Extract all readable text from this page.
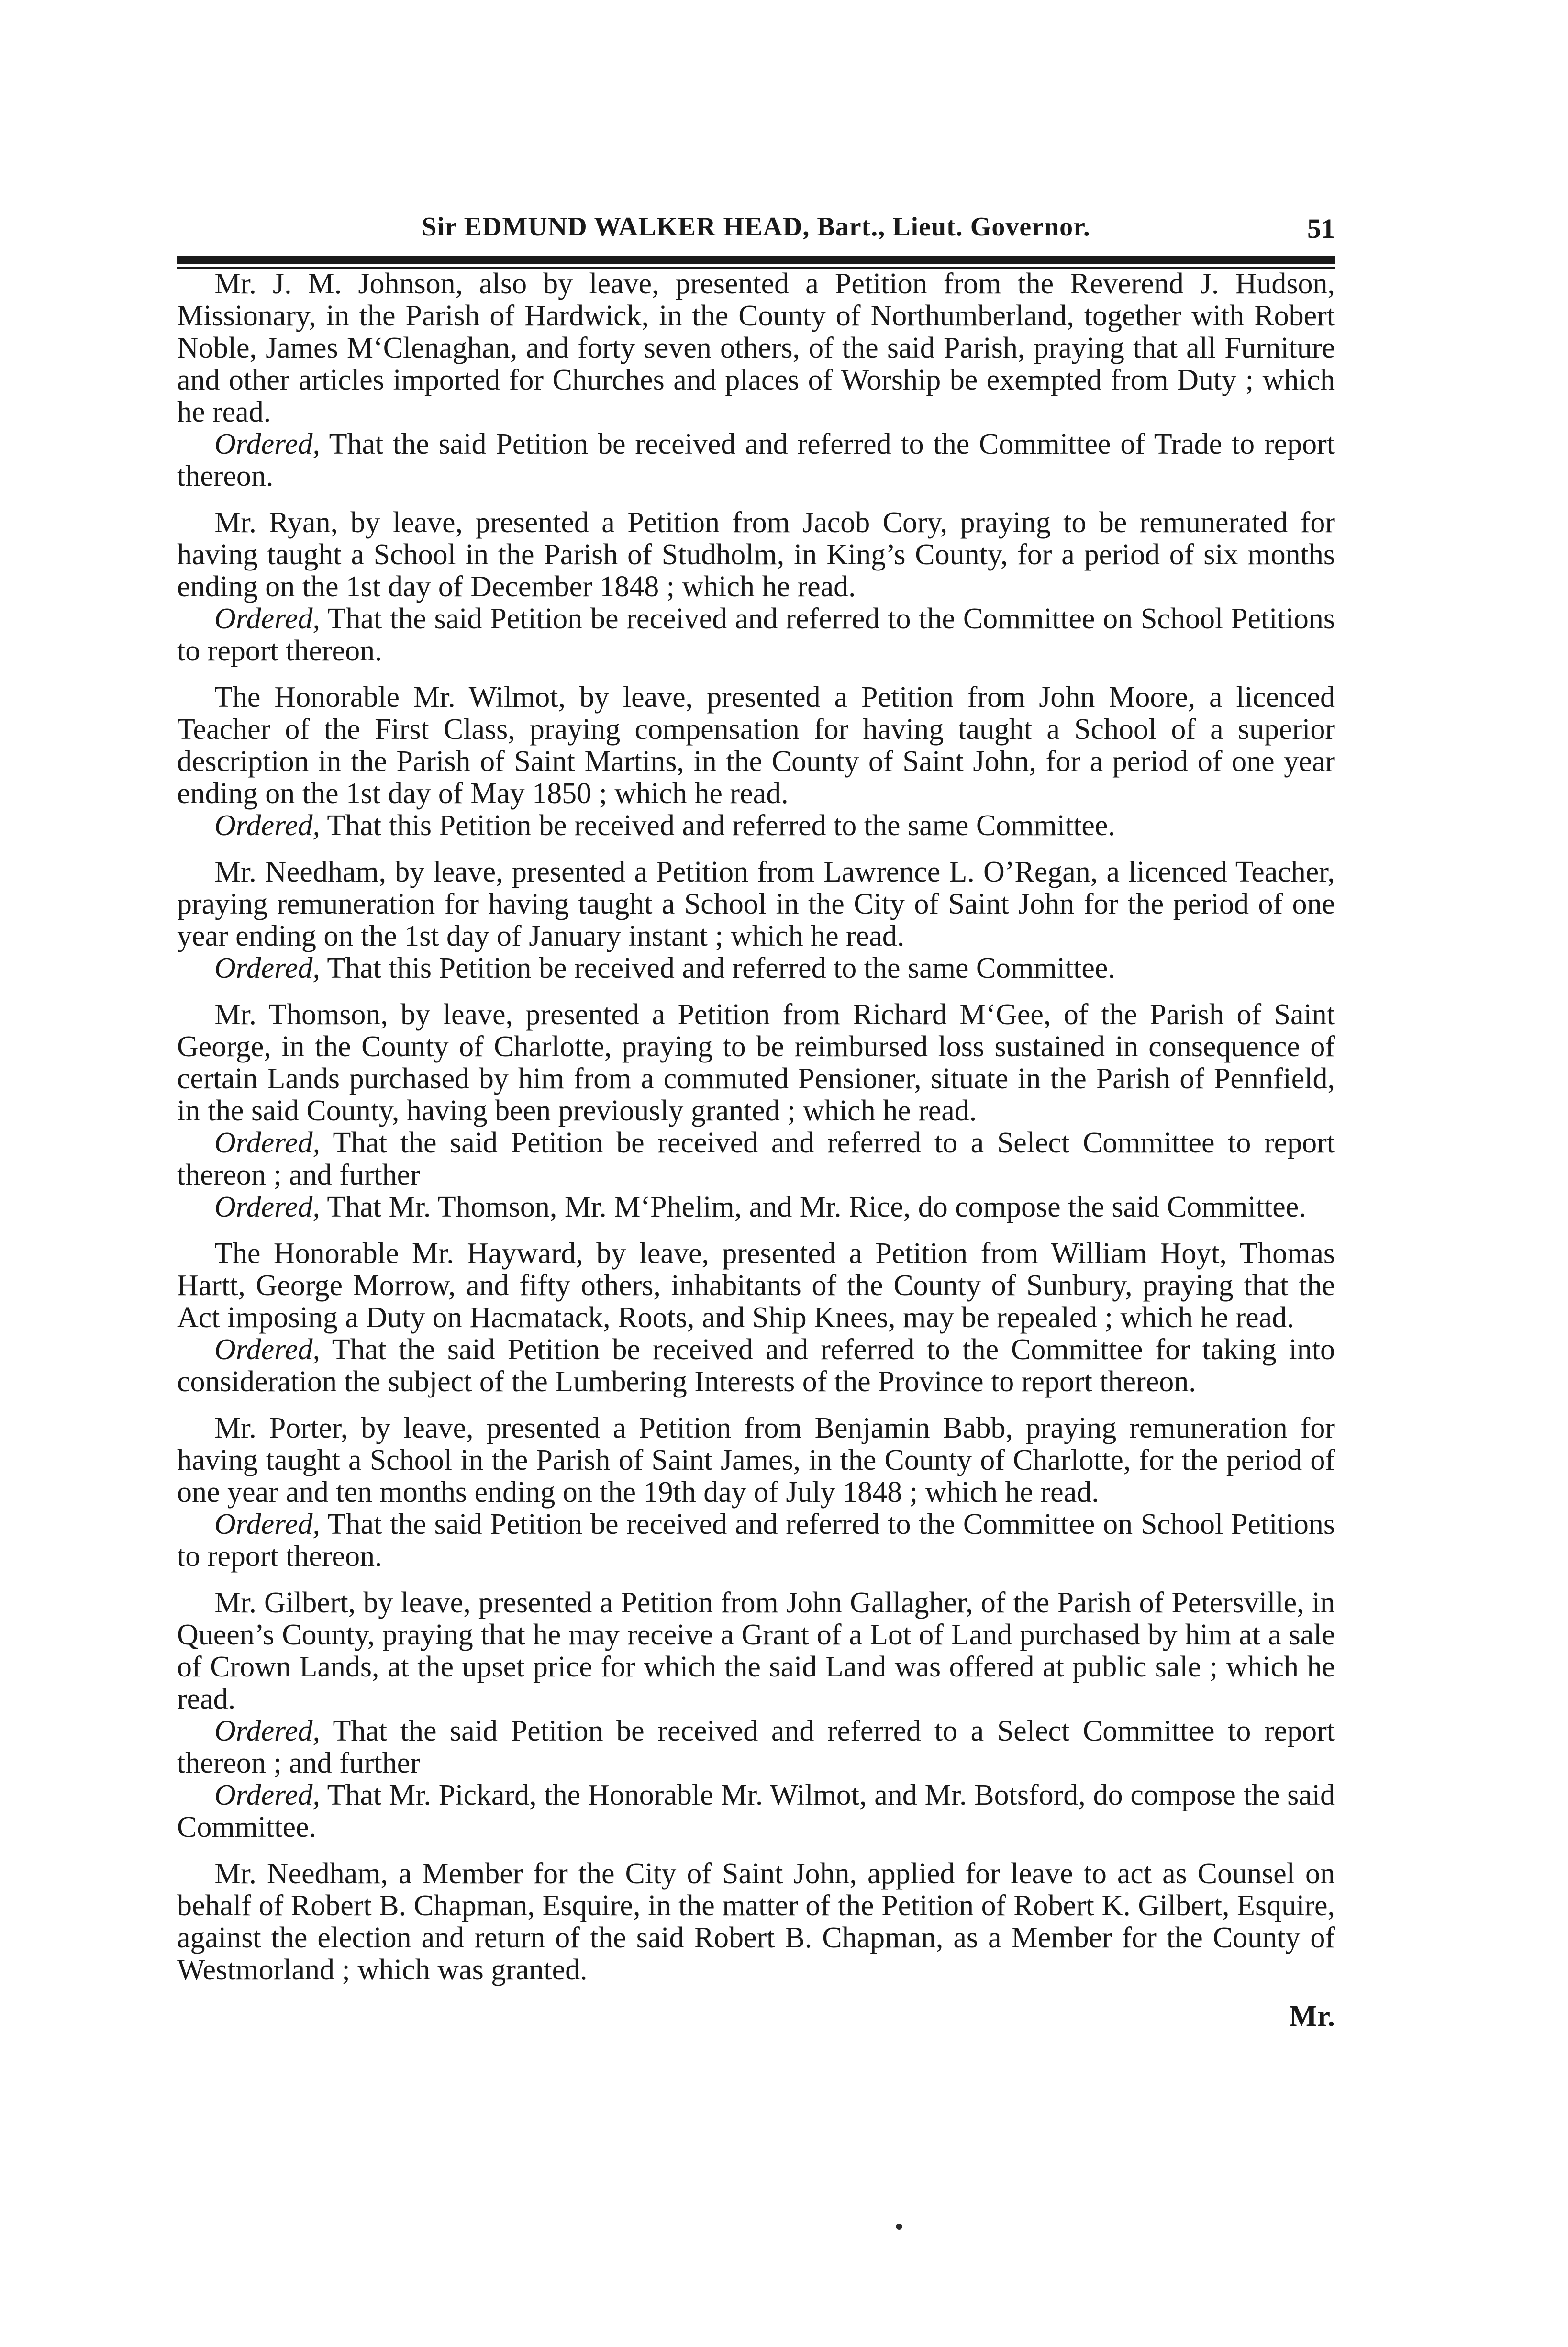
Sir EDMUND WALKER HEAD, Bart., Lieut. Governor.	51

Mr. J. M. Johnson, also by leave, presented a Petition from the Reverend J. Hudson, Missionary, in the Parish of Hardwick, in the County of Northumberland, together with Robert Noble, James M‘Clenaghan, and forty seven others, of the said Parish, praying that all Furniture and other articles imported for Churches and places of Worship be exempted from Duty ; which he read.

Ordered, That the said Petition be received and referred to the Committee of Trade to report thereon.

Mr. Ryan, by leave, presented a Petition from Jacob Cory, praying to be remunerated for having taught a School in the Parish of Studholm, in King’s County, for a period of six months ending on the 1st day of December 1848 ; which he read.

Ordered, That the said Petition be received and referred to the Committee on School Petitions to report thereon.

The Honorable Mr. Wilmot, by leave, presented a Petition from John Moore, a licenced Teacher of the First Class, praying compensation for having taught a School of a superior description in the Parish of Saint Martins, in the County of Saint John, for a period of one year ending on the 1st day of May 1850 ; which he read.

Ordered, That this Petition be received and referred to the same Committee.

Mr. Needham, by leave, presented a Petition from Lawrence L. O’Regan, a licenced Teacher, praying remuneration for having taught a School in the City of Saint John for the period of one year ending on the 1st day of January instant ; which he read.

Ordered, That this Petition be received and referred to the same Committee.

Mr. Thomson, by leave, presented a Petition from Richard M‘Gee, of the Parish of Saint George, in the County of Charlotte, praying to be reimbursed loss sustained in consequence of certain Lands purchased by him from a commuted Pensioner, situate in the Parish of Pennfield, in the said County, having been previously granted ; which he read.

Ordered, That the said Petition be received and referred to a Select Committee to report thereon ; and further

Ordered, That Mr. Thomson, Mr. M‘Phelim, and Mr. Rice, do compose the said Committee.

The Honorable Mr. Hayward, by leave, presented a Petition from William Hoyt, Thomas Hartt, George Morrow, and fifty others, inhabitants of the County of Sunbury, praying that the Act imposing a Duty on Hacmatack, Roots, and Ship Knees, may be repealed ; which he read.

Ordered, That the said Petition be received and referred to the Committee for taking into consideration the subject of the Lumbering Interests of the Province to report thereon.

Mr. Porter, by leave, presented a Petition from Benjamin Babb, praying remuneration for having taught a School in the Parish of Saint James, in the County of Charlotte, for the period of one year and ten months ending on the 19th day of July 1848 ; which he read.

Ordered, That the said Petition be received and referred to the Committee on School Petitions to report thereon.

Mr. Gilbert, by leave, presented a Petition from John Gallagher, of the Parish of Petersville, in Queen’s County, praying that he may receive a Grant of a Lot of Land purchased by him at a sale of Crown Lands, at the upset price for which the said Land was offered at public sale ; which he read.

Ordered, That the said Petition be received and referred to a Select Committee to report thereon ; and further

Ordered, That Mr. Pickard, the Honorable Mr. Wilmot, and Mr. Botsford, do compose the said Committee.

Mr. Needham, a Member for the City of Saint John, applied for leave to act as Counsel on behalf of Robert B. Chapman, Esquire, in the matter of the Petition of Robert K. Gilbert, Esquire, against the election and return of the said Robert B. Chapman, as a Member for the County of Westmorland ; which was granted.

Mr.

●
